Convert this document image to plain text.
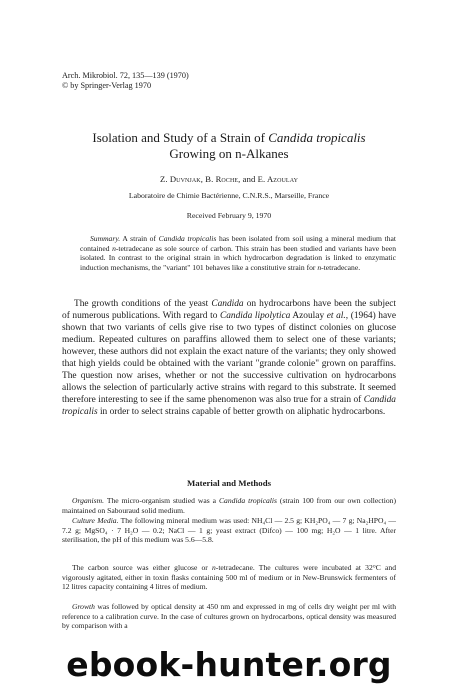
Arch. Mikrobiol. 72, 135—139 (1970)
© by Springer-Verlag 1970
Isolation and Study of a Strain of Candida tropicalis
Growing on n-Alkanes
Z. Duvnjak, B. Roche, and E. Azoulay
Laboratoire de Chimie Bactérienne, C.N.R.S., Marseille, France
Received February 9, 1970

Summary. A strain of Candida tropicalis has been isolated from soil using a mineral medium that contained n-tetradecane as sole source of carbon. This strain has been studied and variants have been isolated. In contrast to the original strain in which hydrocarbon degradation is linked to enzymatic induction mechanisms, the "variant" 101 behaves like a constitutive strain for n-tetradecane.

The growth conditions of the yeast Candida on hydrocarbons have been the subject of numerous publications. With regard to Candida lipolytica Azoulay et al., (1964) have shown that two variants of cells give rise to two types of distinct colonies on glucose medium. Repeated cultures on paraffins allowed them to select one of these variants; however, these authors did not explain the exact nature of the variants; they only showed that high yields could be obtained with the variant "grande colonie" grown on paraffins. The question now arises, whether or not the successive cultivation on hydrocarbons allows the selection of particularly active strains with regard to this substrate. It seemed therefore interesting to see if the same phenomenon was also true for a strain of Candida tropicalis in order to select strains capable of better growth on aliphatic hydrocarbons.

Material and Methods

Organism. The micro-organism studied was a Candida tropicalis (strain 100 from our own collection) maintained on Sabouraud solid medium.

Culture Media. The following mineral medium was used: NH₄Cl — 2.5 g; KH₂PO₄ — 7 g; Na₂HPO₄ — 7.2 g; MgSO₄ · 7 H₂O — 0.2; NaCl — 1 g; yeast extract (Difco) — 100 mg; H₂O — 1 litre. After sterilisation, the pH of this medium was 5.6—5.8.

The carbon source was either glucose or n-tetradecane. The cultures were incubated at 32°C and vigorously agitated, either in toxin flasks containing 500 ml of medium or in New-Brunswick fermenters of 12 litres capacity containing 4 litres of medium.

Growth was followed by optical density at 450 nm and expressed in mg of cells dry weight per ml with reference to a calibration curve. In the case of cultures grown on hydrocarbons, optical density was measured by comparison with a

ebook-hunter.org
